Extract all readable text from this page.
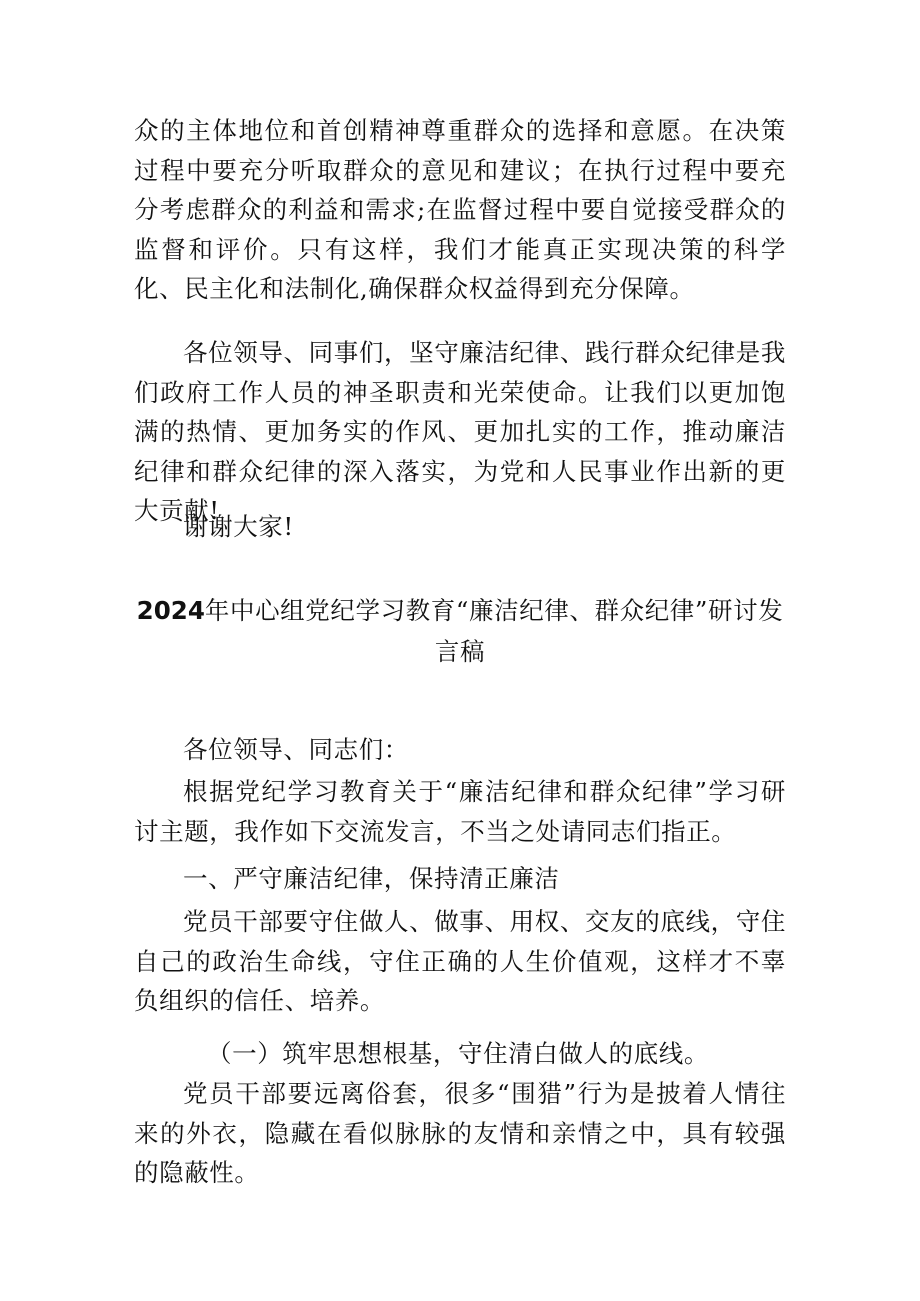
众的主体地位和首创精神尊重群众的选择和意愿。在决策过程中要充分听取群众的意见和建议；在执行过程中要充分考虑群众的利益和需求;在监督过程中要自觉接受群众的监督和评价。只有这样，我们才能真正实现决策的科学化、民主化和法制化,确保群众权益得到充分保障。

各位领导、同事们，坚守廉洁纪律、践行群众纪律是我们政府工作人员的神圣职责和光荣使命。让我们以更加饱满的热情、更加务实的作风、更加扎实的工作，推动廉洁纪律和群众纪律的深入落实，为党和人民事业作出新的更大贡献!

谢谢大家!

2024年中心组党纪学习教育“廉洁纪律、群众纪律”研讨发
言稿

各位领导、同志们：

根据党纪学习教育关于“廉洁纪律和群众纪律”学习研讨主题，我作如下交流发言，不当之处请同志们指正。

一、严守廉洁纪律，保持清正廉洁

党员干部要守住做人、做事、用权、交友的底线，守住自己的政治生命线，守住正确的人生价值观，这样才不辜负组织的信任、培养。

（一）筑牢思想根基，守住清白做人的底线。

党员干部要远离俗套，很多“围猎”行为是披着人情往来的外衣，隐藏在看似脉脉的友情和亲情之中，具有较强的隐蔽性。
